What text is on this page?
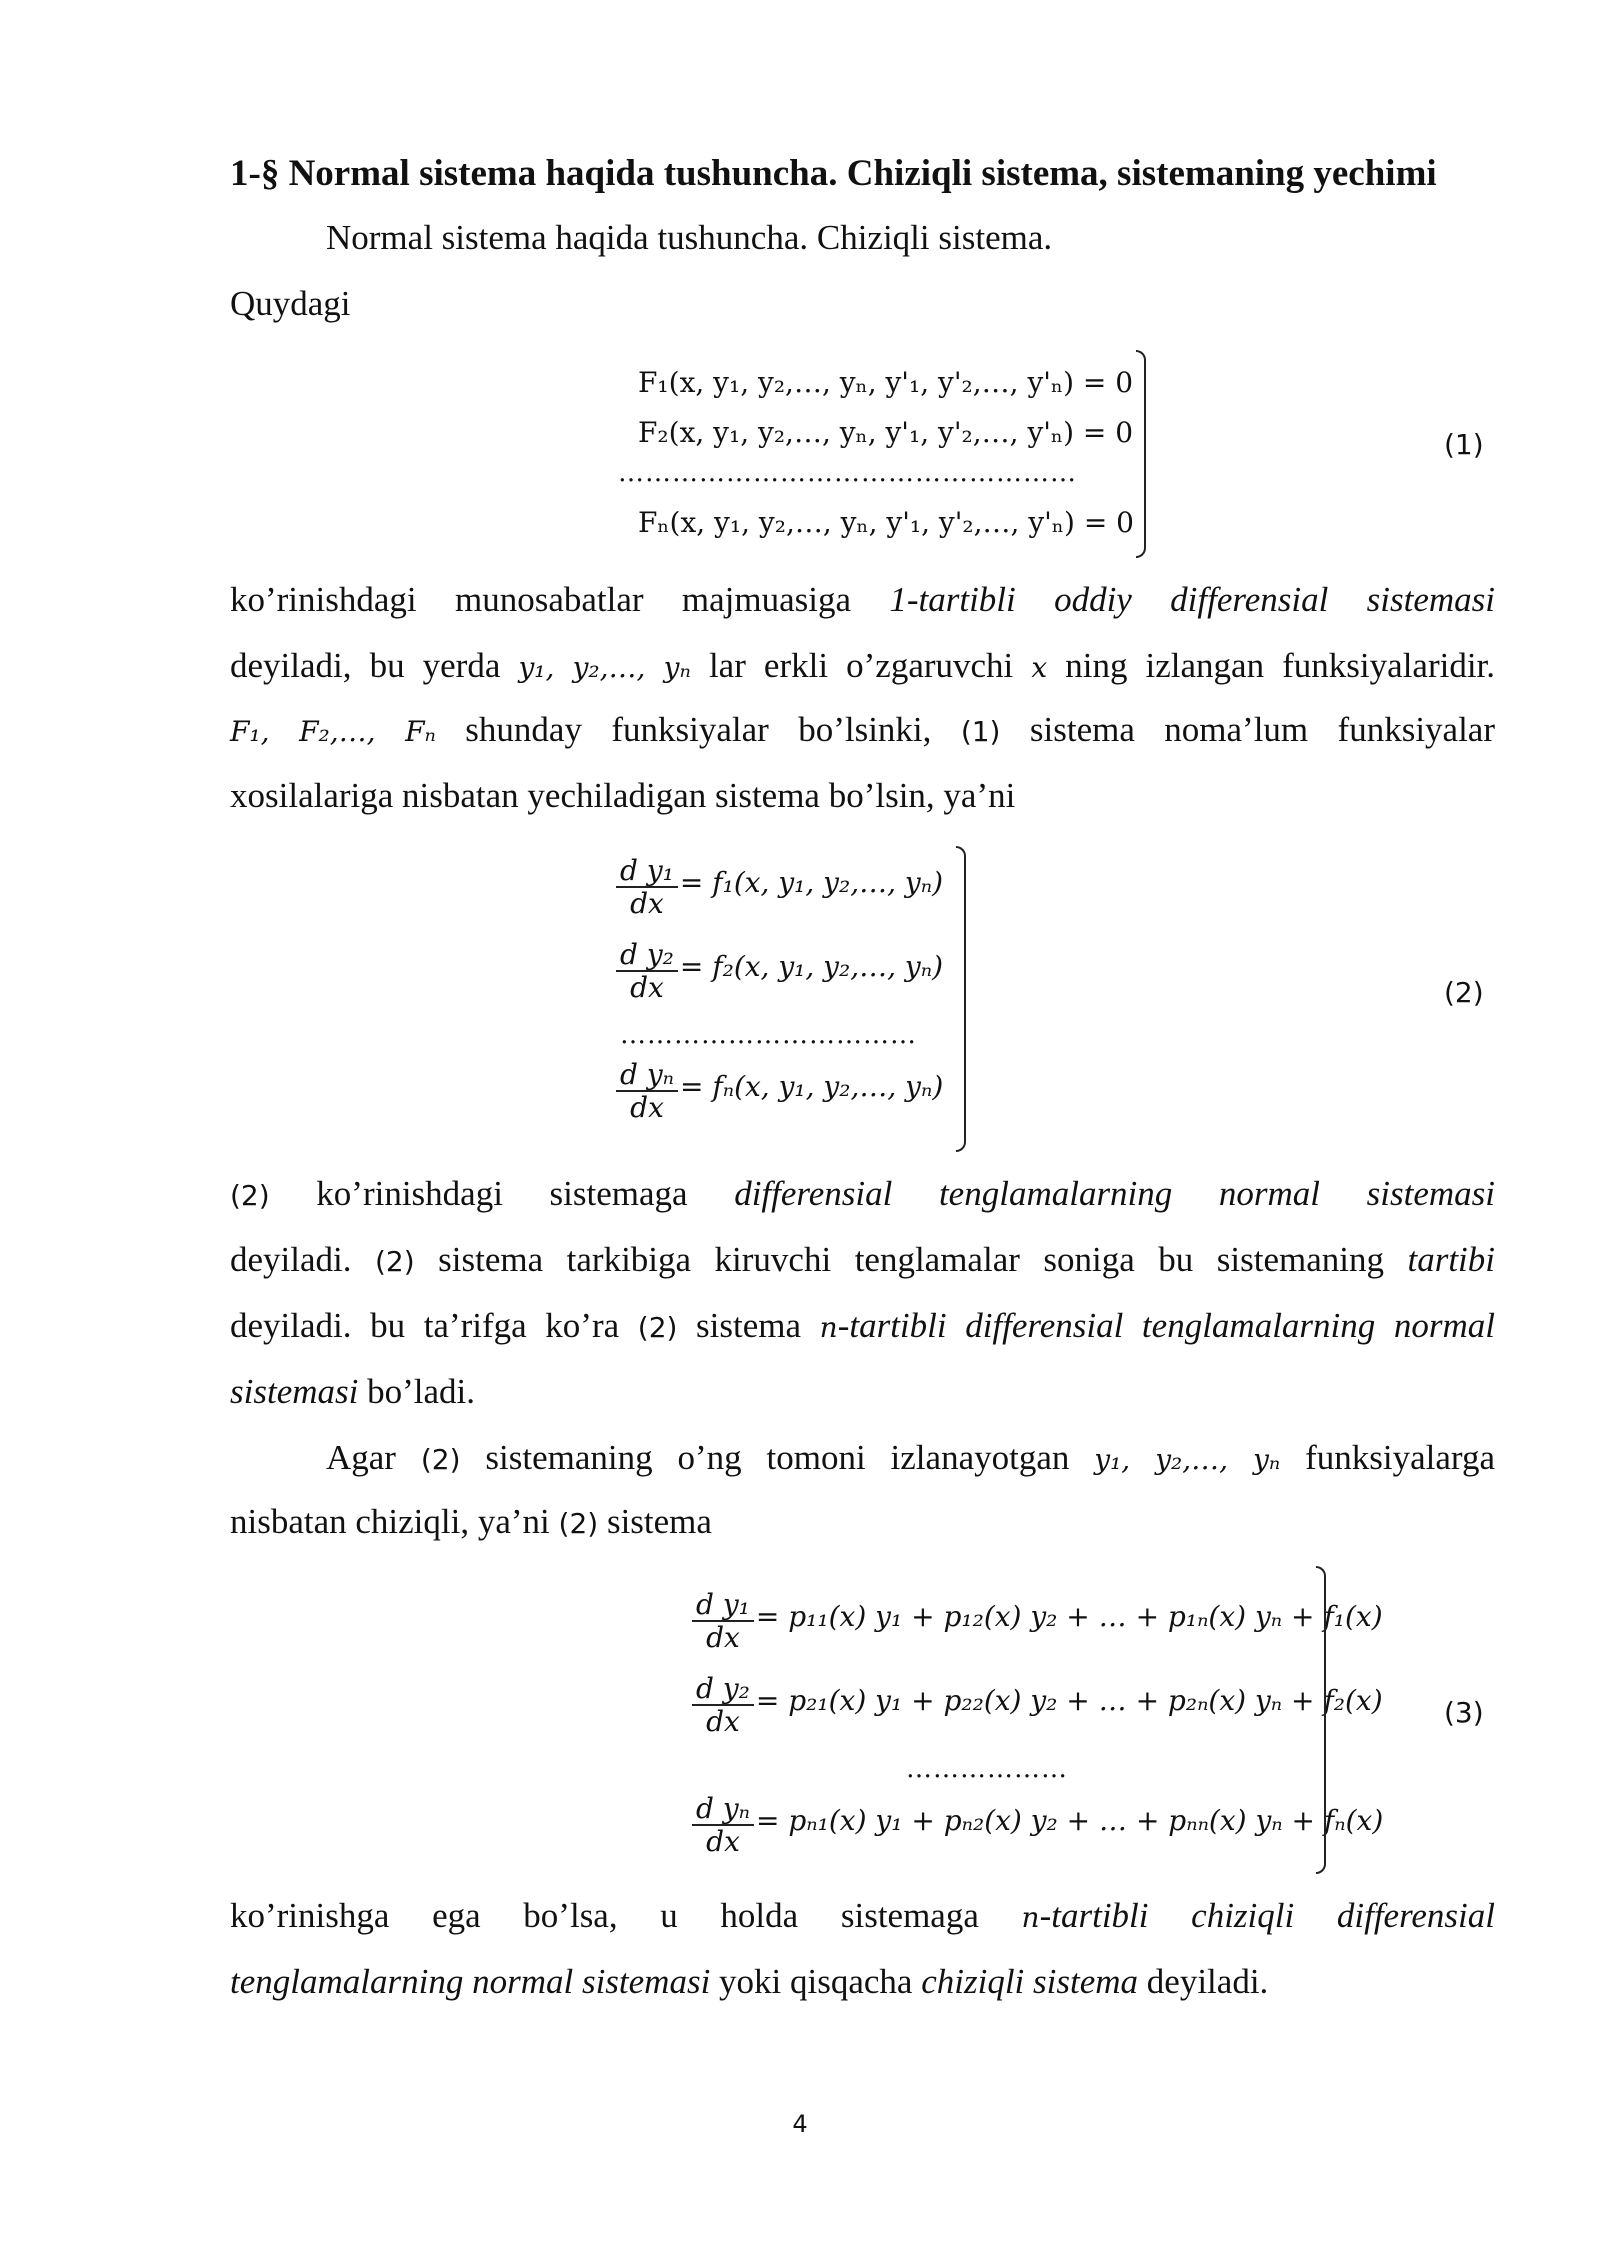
1-§ Normal sistema haqida tushuncha. Chiziqli sistema, sistemaning yechimi
Normal sistema haqida tushuncha. Chiziqli sistema.
Quydagi
F₁(x, y₁, y₂,…, yₙ, y'₁, y'₂,…, y'ₙ) = 0
F₂(x, y₁, y₂,…, yₙ, y'₁, y'₂,…, y'ₙ) = 0
……………………………………………
Fₙ(x, y₁, y₂,…, yₙ, y'₁, y'₂,…, y'ₙ) = 0
(1)
ko’rinishdagi munosabatlar majmuasiga 1-tartibli oddiy differensial sistemasi
deyiladi, bu yerda y₁, y₂,…, yₙ lar erkli o’zgaruvchi x ning izlangan funksiyalaridir.
F₁, F₂,…, Fₙ shunday funksiyalar bo’lsinki, (1) sistema noma’lum funksiyalar
xosilalariga nisbatan yechiladigan sistema bo’lsin, ya’ni
$\frac{\text{d y₁}}{dx} = f_1(x$, y₁, y₂,…, yₙ)
$\frac{\text{d y₂}}{dx} = f_2(x$, y₁, y₂,…, yₙ)
……………………………
$\frac{\text{d yₙ}}{dx} = f_n(x$, y₁, y₂,…, yₙ)
(2)
(2) ko’rinishdagi sistemaga differensial tenglamalarning normal sistemasi
deyiladi. (2) sistema tarkibiga kiruvchi tenglamalar soniga bu sistemaning tartibi
deyiladi. bu ta’rifga ko’ra (2) sistema n-tartibli differensial tenglamalarning normal
sistemasi bo’ladi.
Agar (2) sistemaning o’ng tomoni izlanayotgan y₁, y₂,…, yₙ funksiyalarga
nisbatan chiziqli, ya’ni (2) sistema
$\frac{\text{d y₁}}{dx} = p_{11}(x) y_1 + p_{12}(x) y_2$ + … + p₁ₙ(x) yₙ + f₁(x)
$\frac{\text{d y₂}}{dx} = p_{21}(x) y_1 + p_{22}(x) y_2$ + … + p₂ₙ(x) yₙ + f₂(x)
………………
$\frac{\text{d yₙ}}{dx} = p_{n1}(x) y_1 + p_{n2}(x) y_2$ + … + pₙₙ(x) yₙ + fₙ(x)
(3)
ko’rinishga ega bo’lsa, u holda sistemaga n-tartibli chiziqli differensial
tenglamalarning normal sistemasi yoki qisqacha chiziqli sistema deyiladi.
4
